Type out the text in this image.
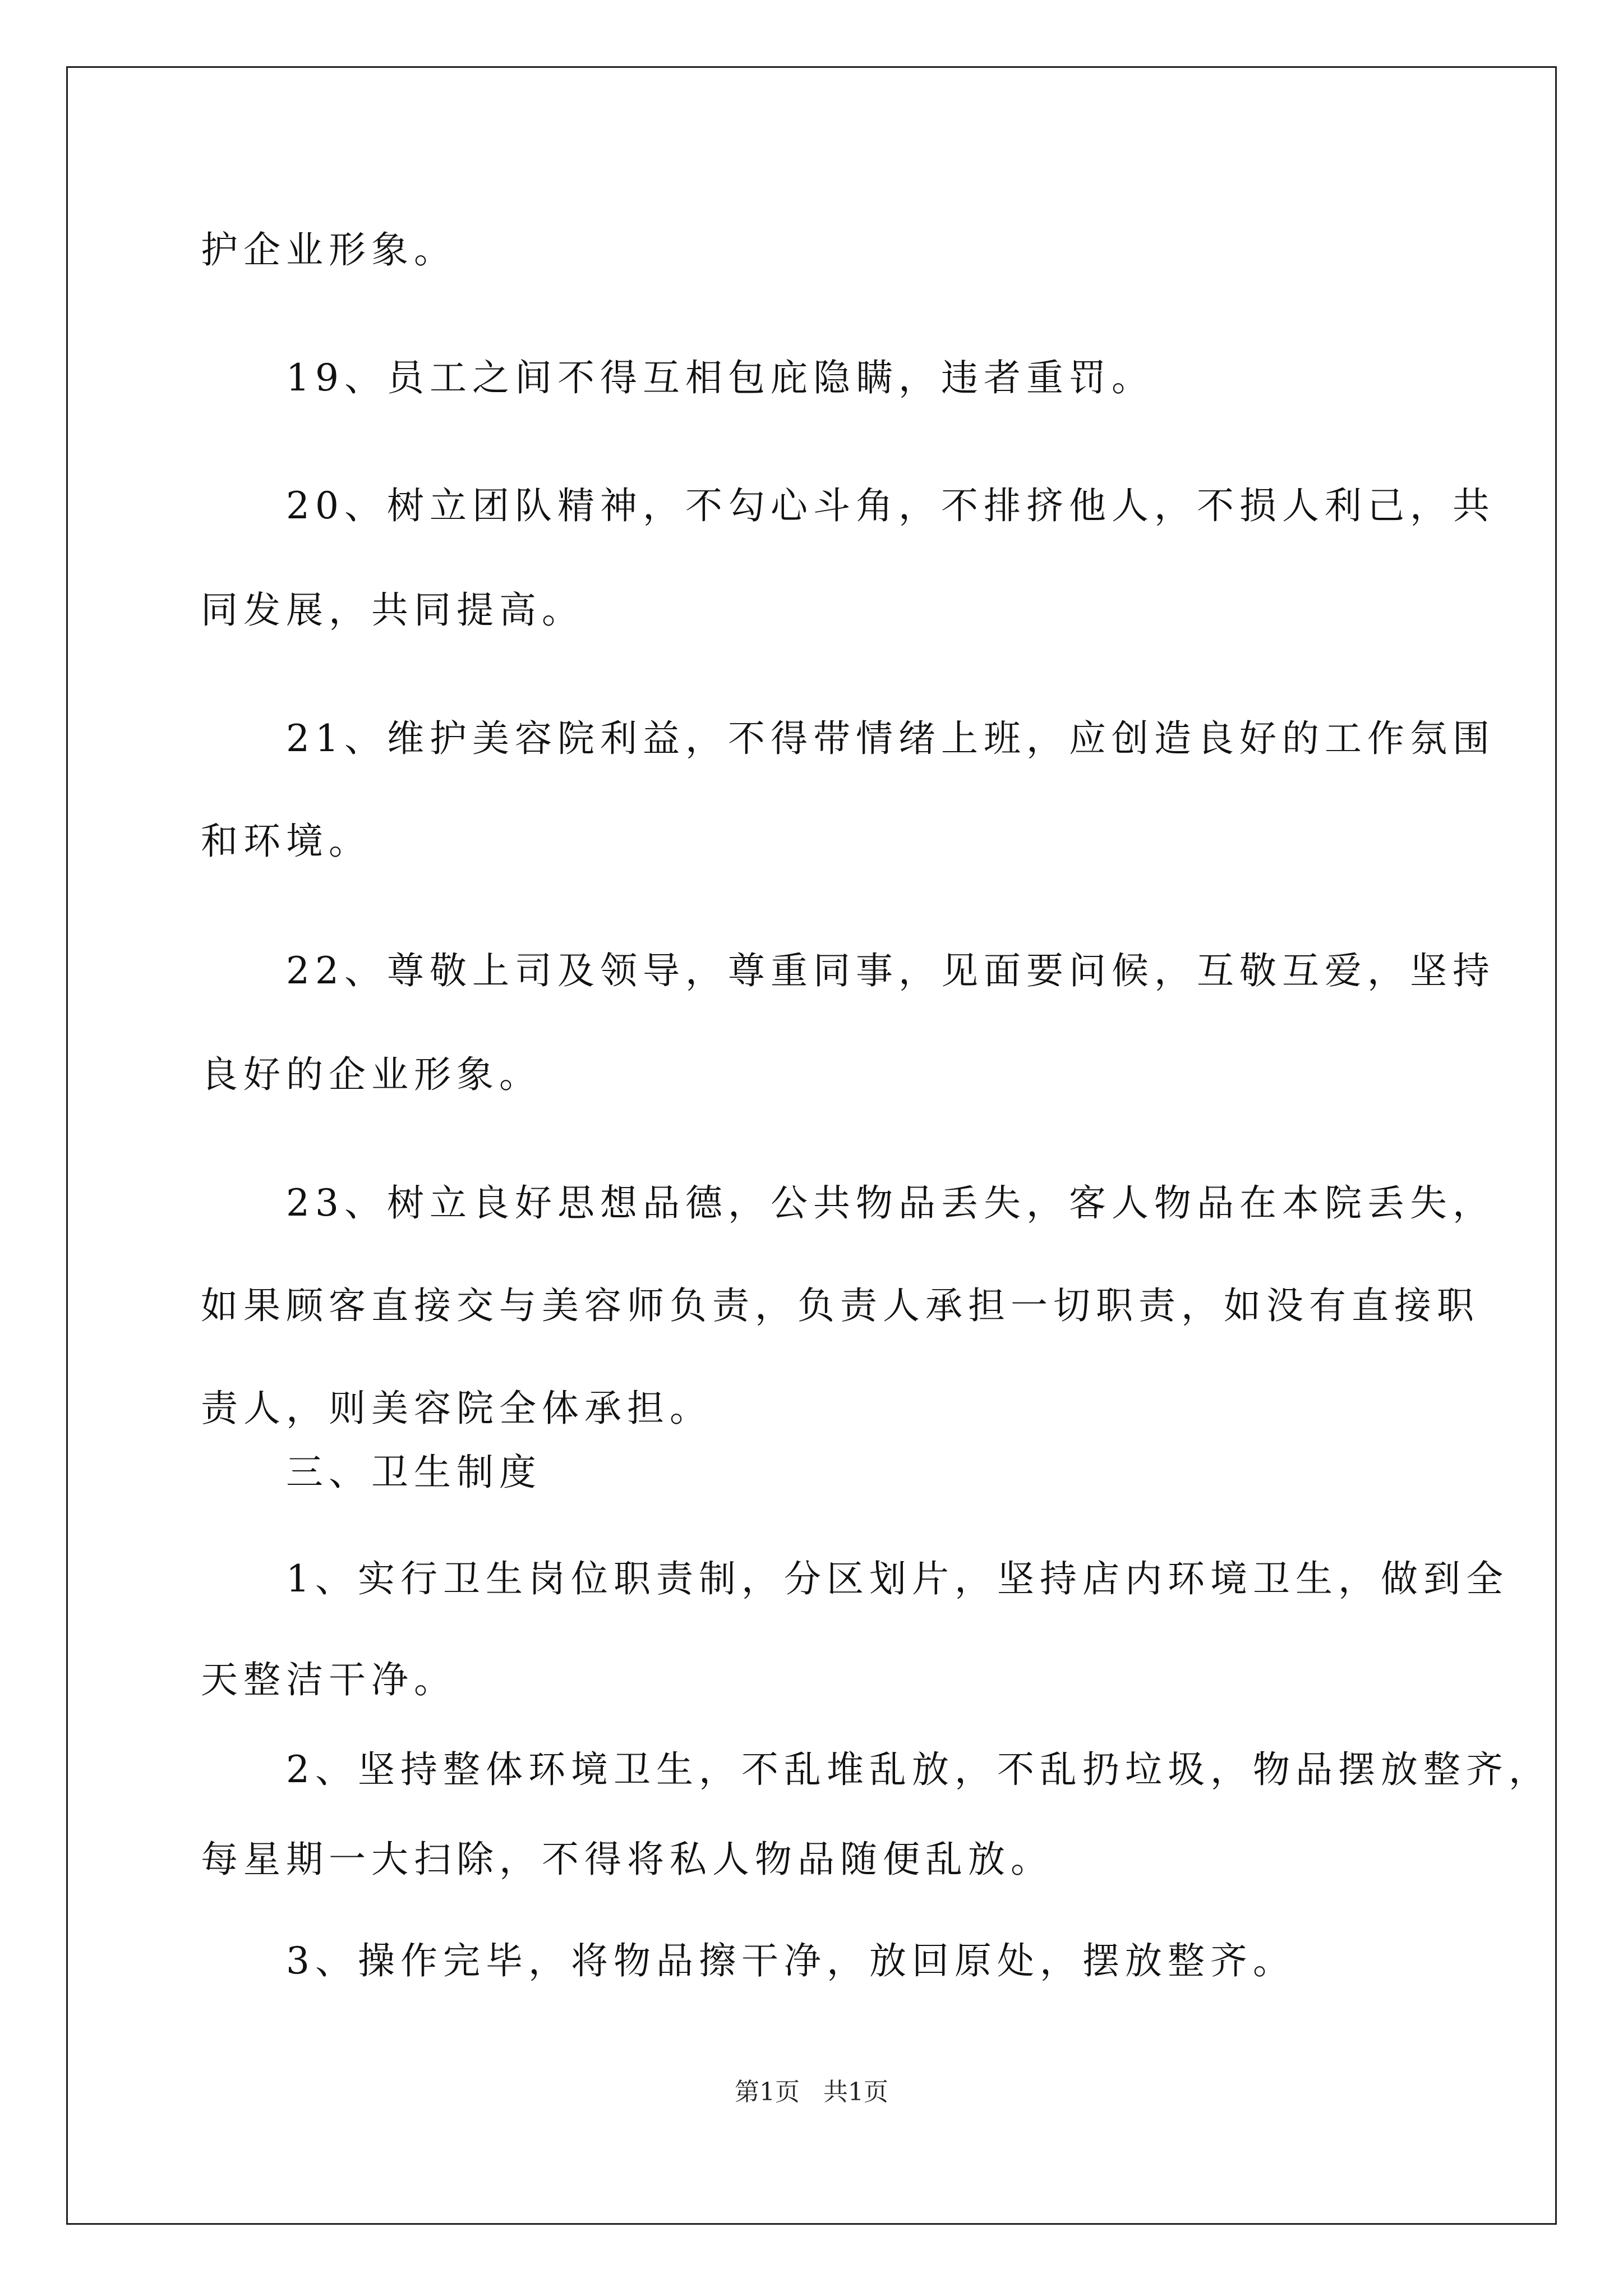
护企业形象。
　　19、员工之间不得互相包庇隐瞒，违者重罚。
　　20、树立团队精神，不勾心斗角，不排挤他人，不损人利己，共
同发展，共同提高。
　　21、维护美容院利益，不得带情绪上班，应创造良好的工作氛围
和环境。
　　22、尊敬上司及领导，尊重同事，见面要问候，互敬互爱，坚持
良好的企业形象。
　　23、树立良好思想品德，公共物品丢失，客人物品在本院丢失，
如果顾客直接交与美容师负责，负责人承担一切职责，如没有直接职
责人，则美容院全体承担。
　　三、卫生制度
　　1、实行卫生岗位职责制，分区划片，坚持店内环境卫生，做到全
天整洁干净。
　　2、坚持整体环境卫生，不乱堆乱放，不乱扔垃圾，物品摆放整齐，
每星期一大扫除，不得将私人物品随便乱放。
　　3、操作完毕，将物品擦干净，放回原处，摆放整齐。
第1页   共1页
